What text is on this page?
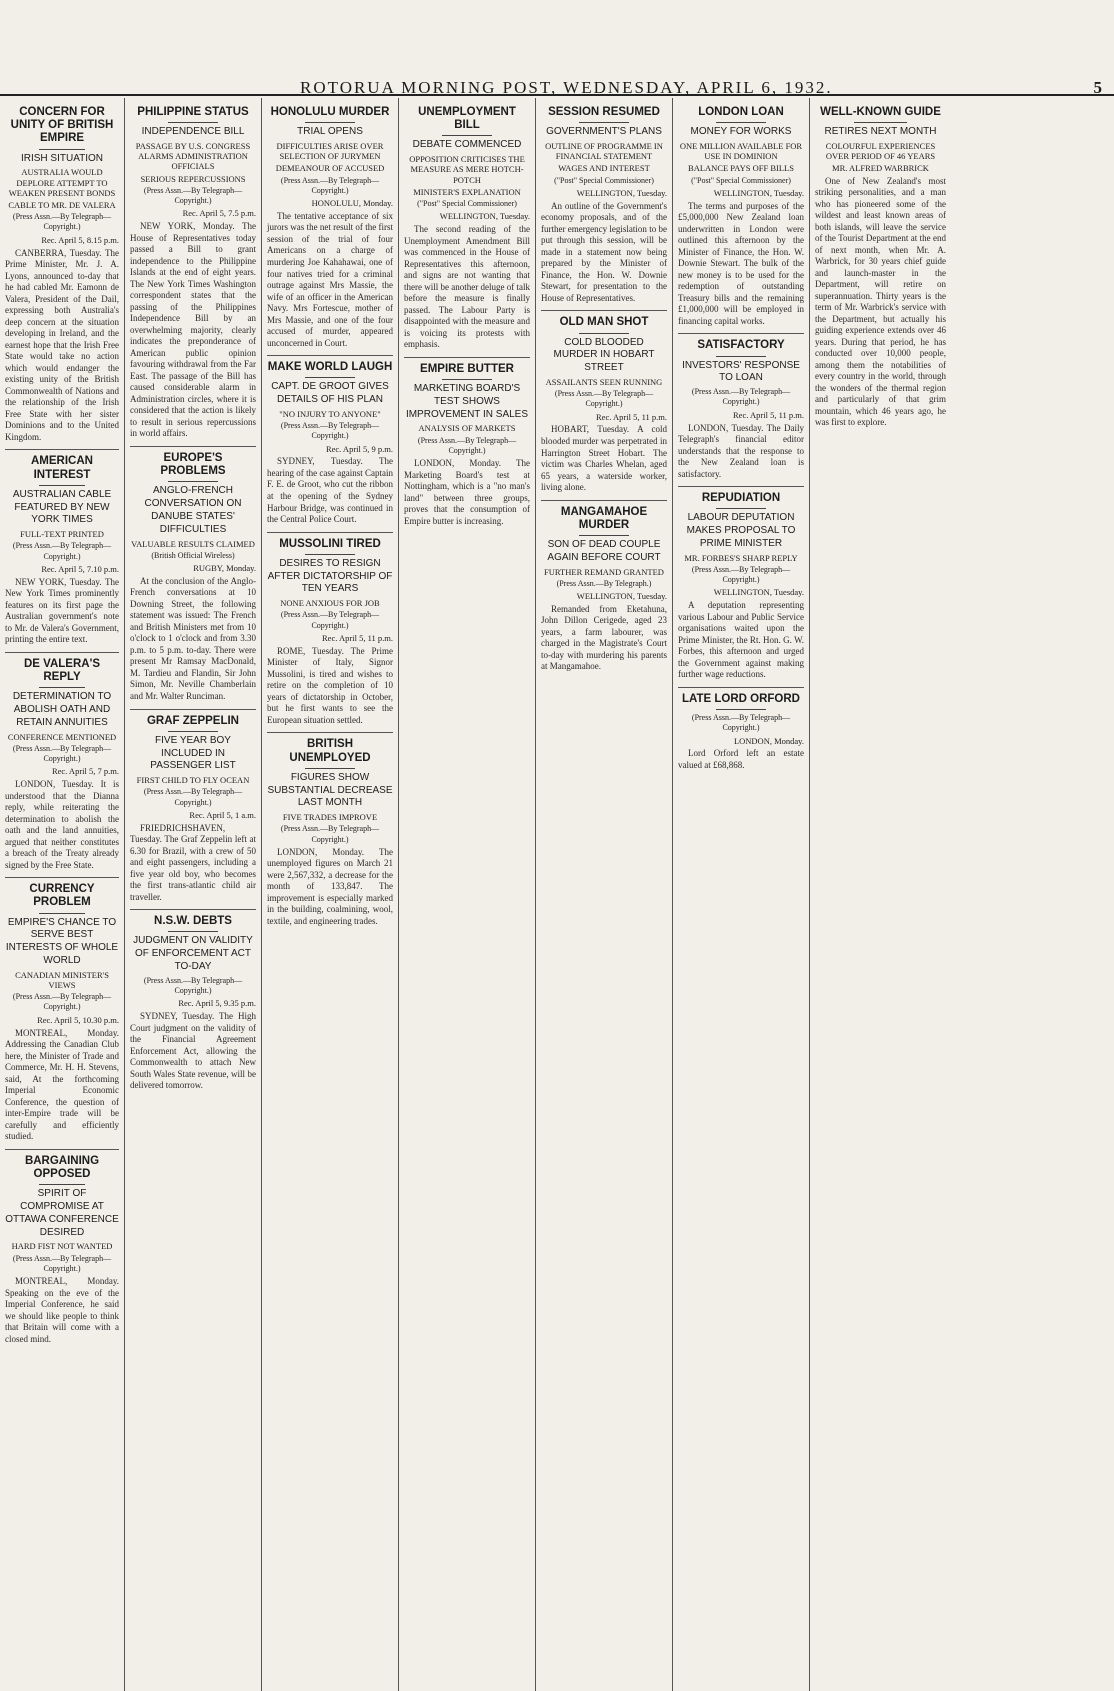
ROTORUA MORNING POST, WEDNESDAY, APRIL 6, 1932.	5
CONCERN FOR UNITY OF BRITISH EMPIRE
IRISH SITUATION
AUSTRALIA WOULD DEPLORE ATTEMPT TO WEAKEN PRESENT BONDS
CABLE TO MR. DE VALERA
(Press Assn.—By Telegraph—Copyright.)
Rec. April 5, 8.15 p.m.
CANBERRA, Tuesday. The Prime Minister, Mr. J. A. Lyons, announced to-day that he had cabled Mr. Eamonn de Valera, President of the Dail, expressing both Australia's deep concern at the situation developing in Ireland, and the earnest hope that the Irish Free State would take no action which would endanger the existing unity of the British Commonwealth of Nations and the relationship of the Irish Free State with her sister Dominions and to the United Kingdom.
AMERICAN INTEREST
AUSTRALIAN CABLE FEATURED BY NEW YORK TIMES
FULL-TEXT PRINTED
(Press Assn.—By Telegraph—Copyright.)
Rec. April 5, 7.10 p.m.
NEW YORK, Tuesday. The New York Times prominently features on its first page the Australian government's note to Mr. de Valera's Government, printing the entire text.
DE VALERA'S REPLY
DETERMINATION TO ABOLISH OATH AND RETAIN ANNUITIES
CONFERENCE MENTIONED
(Press Assn.—By Telegraph—Copyright.)
Rec. April 5, 7 p.m.
LONDON, Tuesday. It is understood that the Dianna reply, while reiterating the determination to abolish the oath and the land annuities, argued that neither constitutes a breach of the Treaty already signed by the Free State.
CURRENCY PROBLEM
EMPIRE'S CHANCE TO SERVE BEST INTERESTS OF WHOLE WORLD
CANADIAN MINISTER'S VIEWS
(Press Assn.—By Telegraph—Copyright.)
Rec. April 5, 10.30 p.m.
MONTREAL, Monday. Addressing the Canadian Club here, the Minister of Trade and Commerce, Mr. H. H. Stevens, said, At the forthcoming Imperial Economic Conference, the question of inter-Empire trade will be carefully and efficiently studied.
BARGAINING OPPOSED
SPIRIT OF COMPROMISE AT OTTAWA CONFERENCE DESIRED
HARD FIST NOT WANTED
(Press Assn.—By Telegraph—Copyright.)
MONTREAL, Monday. Speaking on the eve of the Imperial Conference, he said we should like people to think that Britain will come with a closed mind.
PHILIPPINE STATUS
INDEPENDENCE BILL
PASSAGE BY U.S. CONGRESS ALARMS ADMINISTRATION OFFICIALS
SERIOUS REPERCUSSIONS
(Press Assn.—By Telegraph—Copyright.)
Rec. April 5, 7.5 p.m.
NEW YORK, Monday. The House of Representatives today passed a Bill to grant independence to the Philippine Islands at the end of eight years. The New York Times Washington correspondent states that the passing of the Philippines Independence Bill by an overwhelming majority, clearly indicates the preponderance of American public opinion favouring withdrawal from the Far East. The passage of the Bill has caused considerable alarm in Administration circles, where it is considered that the action is likely to result in serious repercussions in world affairs.
EUROPE'S PROBLEMS
ANGLO-FRENCH CONVERSATION ON DANUBE STATES' DIFFICULTIES
VALUABLE RESULTS CLAIMED
(British Official Wireless)
RUGBY, Monday.
At the conclusion of the Anglo-French conversations at 10 Downing Street, the following statement was issued: The French and British Ministers met from 10 o'clock to 1 o'clock and from 3.30 p.m. to 5 p.m. to-day. There were present Mr Ramsay MacDonald, M. Tardieu and Flandin, Sir John Simon, Mr. Neville Chamberlain and Mr. Walter Runciman.
GRAF ZEPPELIN
FIVE YEAR BOY INCLUDED IN PASSENGER LIST
FIRST CHILD TO FLY OCEAN
(Press Assn.—By Telegraph—Copyright.)
Rec. April 5, 1 a.m.
FRIEDRICHSHAVEN, Tuesday. The Graf Zeppelin left at 6.30 for Brazil, with a crew of 50 and eight passengers, including a five year old boy, who becomes the first trans-atlantic child air traveller.
N.S.W. DEBTS
JUDGMENT ON VALIDITY OF ENFORCEMENT ACT TO-DAY
(Press Assn.—By Telegraph—Copyright.)
Rec. April 5, 9.35 p.m.
SYDNEY, Tuesday. The High Court judgment on the validity of the Financial Agreement Enforcement Act, allowing the Commonwealth to attach New South Wales State revenue, will be delivered tomorrow.
HONOLULU MURDER
TRIAL OPENS
DIFFICULTIES ARISE OVER SELECTION OF JURYMEN
DEMEANOUR OF ACCUSED
(Press Assn.—By Telegraph—Copyright.)
HONOLULU, Monday.
The tentative acceptance of six jurors was the net result of the first session of the trial of four Americans on a charge of murdering Joe Kahahawai, one of four natives tried for a criminal outrage against Mrs Massie, the wife of an officer in the American Navy. Mrs Fortescue, mother of Mrs Massie, and one of the four accused of murder, appeared unconcerned in Court.
MAKE WORLD LAUGH
CAPT. DE GROOT GIVES DETAILS OF HIS PLAN
"NO INJURY TO ANYONE"
(Press Assn.—By Telegraph—Copyright.)
Rec. April 5, 9 p.m.
SYDNEY, Tuesday. The hearing of the case against Captain F. E. de Groot, who cut the ribbon at the opening of the Sydney Harbour Bridge, was continued in the Central Police Court.
MUSSOLINI TIRED
DESIRES TO RESIGN AFTER DICTATORSHIP OF TEN YEARS
NONE ANXIOUS FOR JOB
(Press Assn.—By Telegraph—Copyright.)
Rec. April 5, 11 p.m.
ROME, Tuesday. The Prime Minister of Italy, Signor Mussolini, is tired and wishes to retire on the completion of 10 years of dictatorship in October, but he first wants to see the European situation settled.
BRITISH UNEMPLOYED
FIGURES SHOW SUBSTANTIAL DECREASE LAST MONTH
FIVE TRADES IMPROVE
(Press Assn.—By Telegraph—Copyright.)
LONDON, Monday. The unemployed figures on March 21 were 2,567,332, a decrease for the month of 133,847. The improvement is especially marked in the building, coalmining, wool, textile, and engineering trades.
UNEMPLOYMENT BILL
DEBATE COMMENCED
OPPOSITION CRITICISES THE MEASURE AS MERE HOTCH-POTCH
MINISTER'S EXPLANATION
("Post" Special Commissioner)
WELLINGTON, Tuesday.
The second reading of the Unemployment Amendment Bill was commenced in the House of Representatives this afternoon, and signs are not wanting that there will be another deluge of talk before the measure is finally passed. The Labour Party is disappointed with the measure and is voicing its protests with emphasis.
EMPIRE BUTTER
MARKETING BOARD'S TEST SHOWS IMPROVEMENT IN SALES
ANALYSIS OF MARKETS
(Press Assn.—By Telegraph—Copyright.)
LONDON, Monday. The Marketing Board's test at Nottingham, which is a "no man's land" between three groups, proves that the consumption of Empire butter is increasing.
SESSION RESUMED
GOVERNMENT'S PLANS
OUTLINE OF PROGRAMME IN FINANCIAL STATEMENT
WAGES AND INTEREST
("Post" Special Commissioner)
WELLINGTON, Tuesday.
An outline of the Government's economy proposals, and of the further emergency legislation to be put through this session, will be made in a statement now being prepared by the Minister of Finance, the Hon. W. Downie Stewart, for presentation to the House of Representatives.
OLD MAN SHOT
COLD BLOODED MURDER IN HOBART STREET
ASSAILANTS SEEN RUNNING
(Press Assn.—By Telegraph—Copyright.)
Rec. April 5, 11 p.m.
HOBART, Tuesday. A cold blooded murder was perpetrated in Harrington Street Hobart. The victim was Charles Whelan, aged 65 years, a waterside worker, living alone.
MANGAMAHOE MURDER
SON OF DEAD COUPLE AGAIN BEFORE COURT
FURTHER REMAND GRANTED
(Press Assn.—By Telegraph.)
WELLINGTON, Tuesday.
Remanded from Eketahuna, John Dillon Cerigede, aged 23 years, a farm labourer, was charged in the Magistrate's Court to-day with murdering his parents at Mangamahoe.
LONDON LOAN
MONEY FOR WORKS
ONE MILLION AVAILABLE FOR USE IN DOMINION
BALANCE PAYS OFF BILLS
("Post" Special Commissioner)
WELLINGTON, Tuesday.
The terms and purposes of the £5,000,000 New Zealand loan underwritten in London were outlined this afternoon by the Minister of Finance, the Hon. W. Downie Stewart. The bulk of the new money is to be used for the redemption of outstanding Treasury bills and the remaining £1,000,000 will be employed in financing capital works.
SATISFACTORY
INVESTORS' RESPONSE TO LOAN
(Press Assn.—By Telegraph—Copyright.)
Rec. April 5, 11 p.m.
LONDON, Tuesday. The Daily Telegraph's financial editor understands that the response to the New Zealand loan is satisfactory.
REPUDIATION
LABOUR DEPUTATION MAKES PROPOSAL TO PRIME MINISTER
MR. FORBES'S SHARP REPLY
(Press Assn.—By Telegraph—Copyright.)
WELLINGTON, Tuesday.
A deputation representing various Labour and Public Service organisations waited upon the Prime Minister, the Rt. Hon. G. W. Forbes, this afternoon and urged the Government against making further wage reductions.
LATE LORD ORFORD
(Press Assn.—By Telegraph—Copyright.)
LONDON, Monday.
Lord Orford left an estate valued at £68,868.
WELL-KNOWN GUIDE
RETIRES NEXT MONTH
COLOURFUL EXPERIENCES OVER PERIOD OF 46 YEARS
MR. ALFRED WARBRICK
One of New Zealand's most striking personalities, and a man who has pioneered some of the wildest and least known areas of both islands, will leave the service of the Tourist Department at the end of next month, when Mr. A. Warbrick, for 30 years chief guide and launch-master in the Department, will retire on superannuation. Thirty years is the term of Mr. Warbrick's service with the Department, but actually his guiding experience extends over 46 years. During that period, he has conducted over 10,000 people, among them the notabilities of every country in the world, through the wonders of the thermal region and particularly of that grim mountain, which 46 years ago, he was first to explore.
